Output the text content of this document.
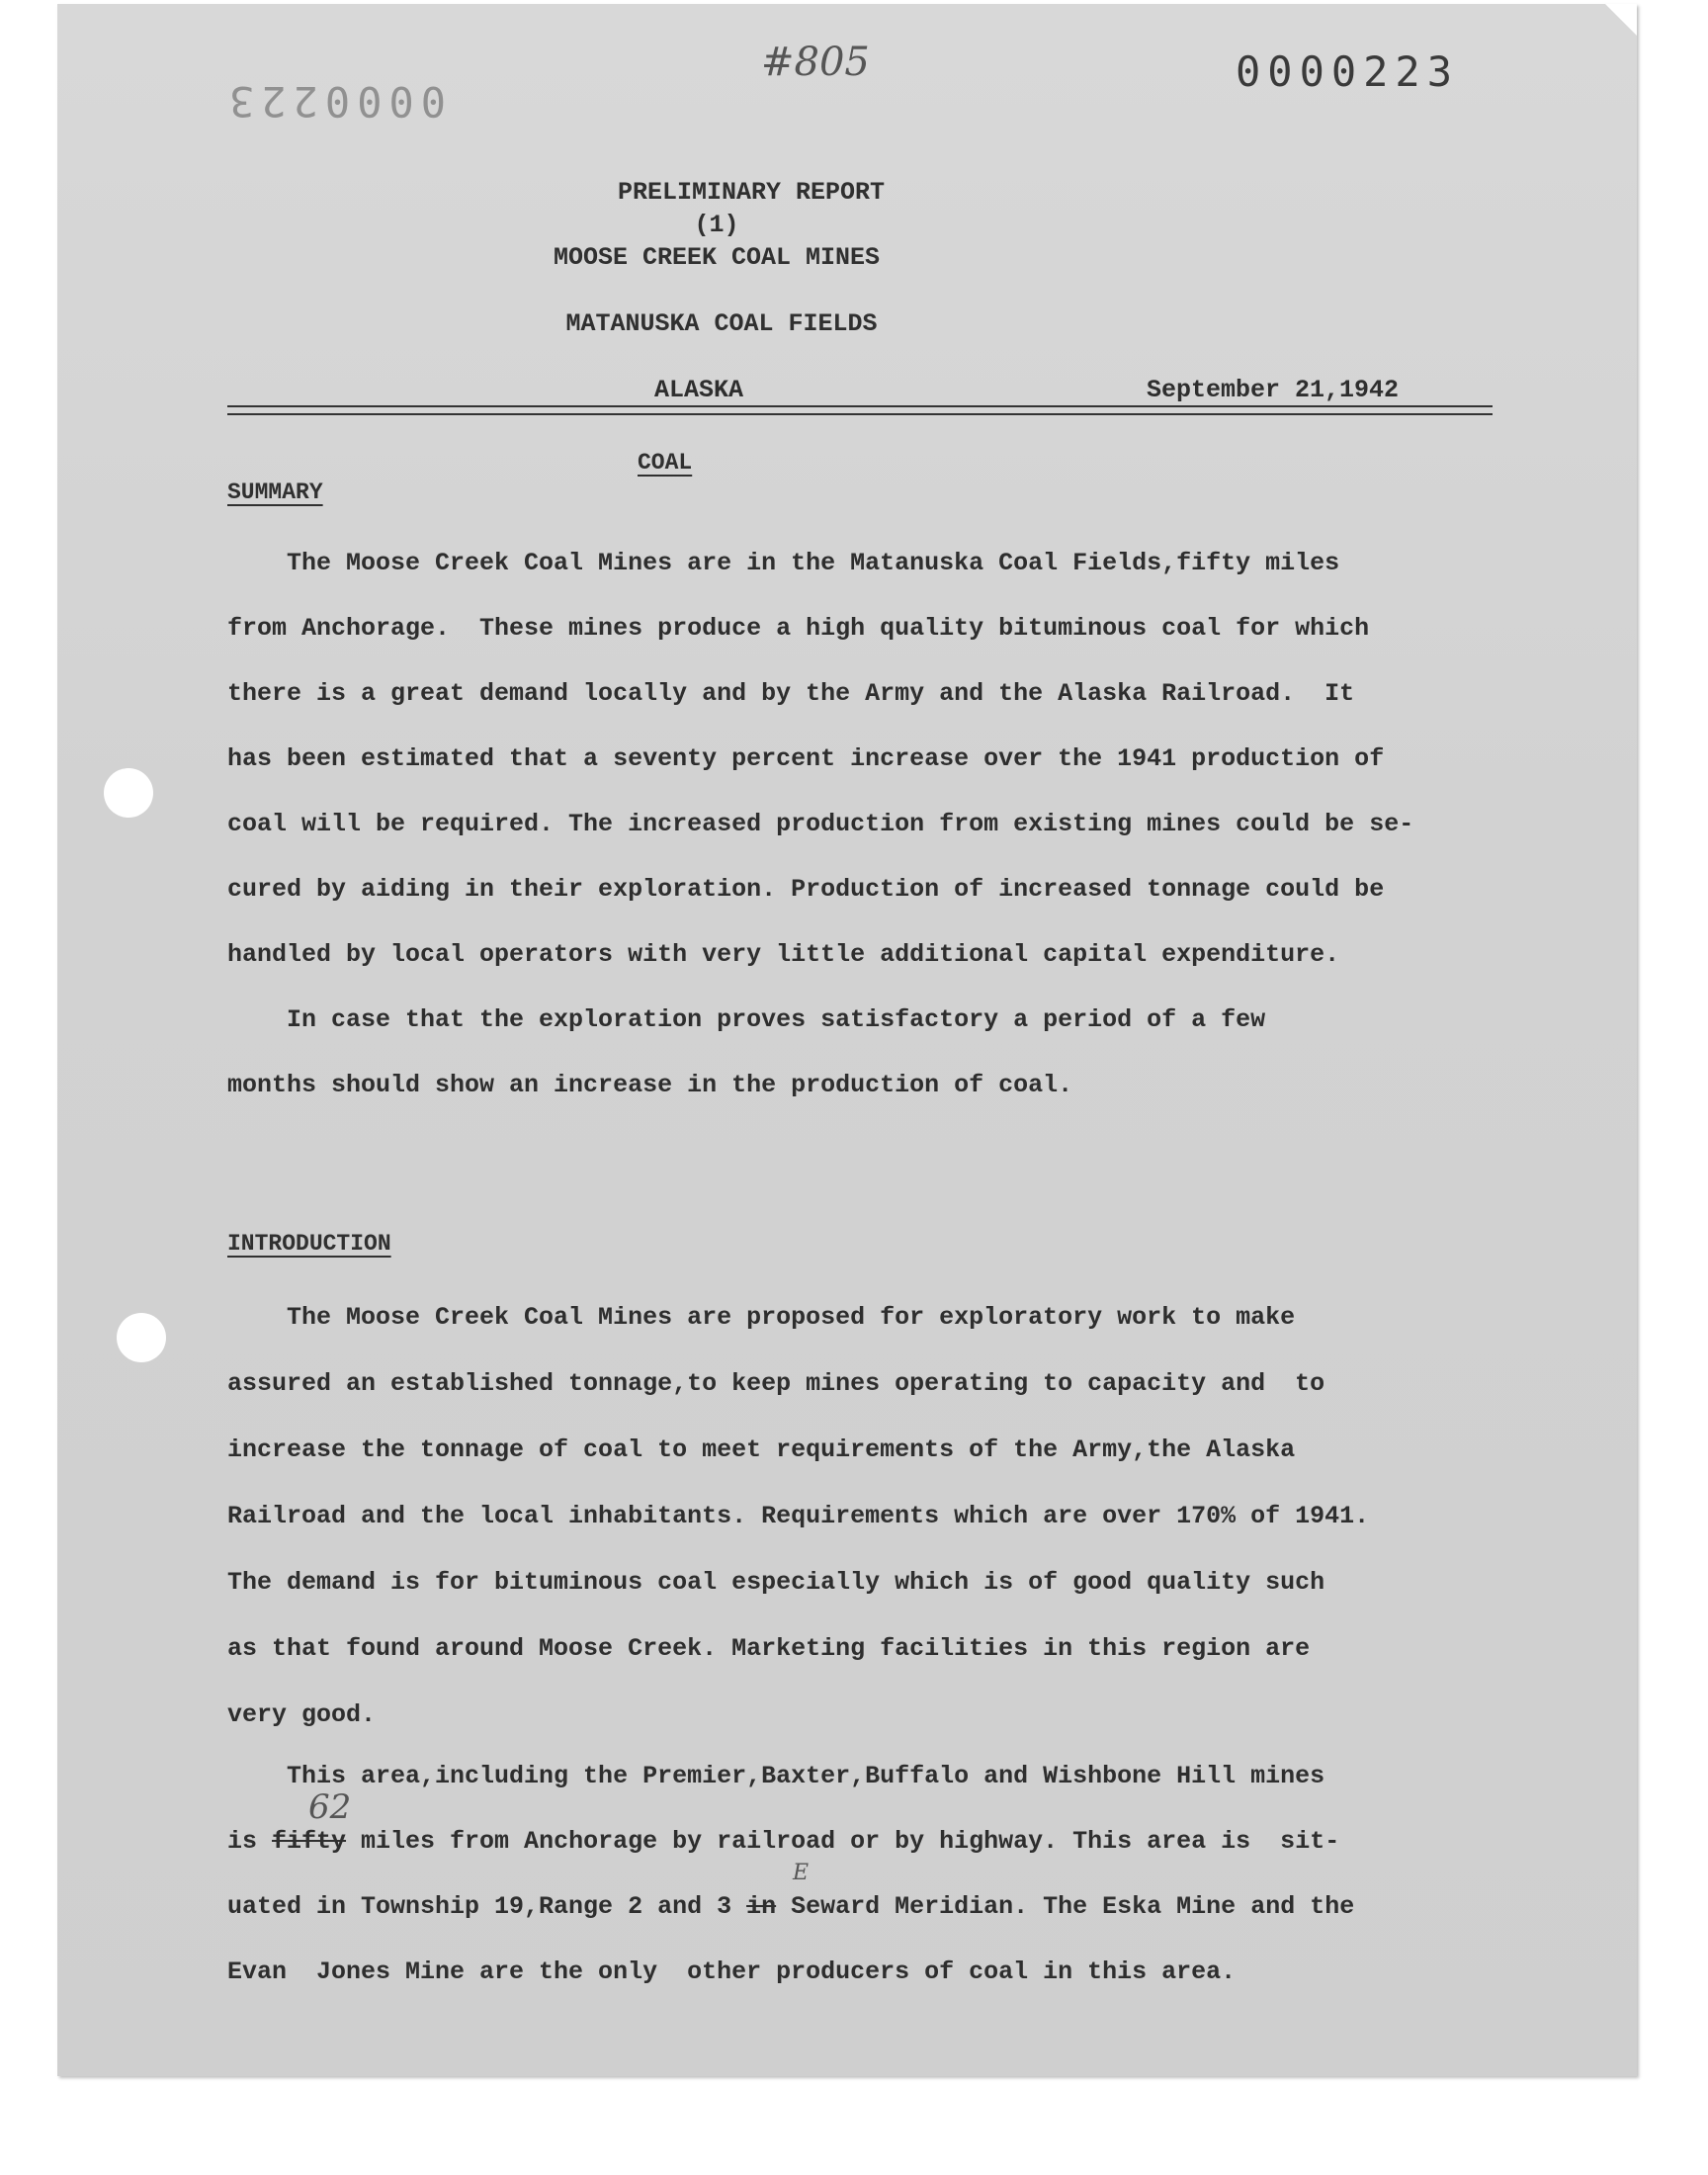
0000223
0000223
#805
PRELIMINARY REPORT
(1)
MOOSE CREEK COAL MINES
MATANUSKA COAL FIELDS
ALASKA	September 21,1942
COAL
SUMMARY
The Moose Creek Coal Mines are in the Matanuska Coal Fields,fifty miles
from Anchorage.  These mines produce a high quality bituminous coal for which
there is a great demand locally and by the Army and the Alaska Railroad.  It
has been estimated that a seventy percent increase over the 1941 production of
coal will be required. The increased production from existing mines could be se-
cured by aiding in their exploration. Production of increased tonnage could be
handled by local operators with very little additional capital expenditure.
In case that the exploration proves satisfactory a period of a few
months should show an increase in the production of coal.
INTRODUCTION
The Moose Creek Coal Mines are proposed for exploratory work to make
assured an established tonnage,to keep mines operating to capacity and  to
increase the tonnage of coal to meet requirements of the Army,the Alaska
Railroad and the local inhabitants. Requirements which are over 170% of 1941.
The demand is for bituminous coal especially which is of good quality such
as that found around Moose Creek. Marketing facilities in this region are
very good.
This area,including the Premier,Baxter,Buffalo and Wishbone Hill mines
62
is fifty miles from Anchorage by railroad or by highway. This area is  sit-
E
uated in Township 19,Range 2 and 3 in Seward Meridian. The Eska Mine and the
Evan  Jones Mine are the only  other producers of coal in this area.
